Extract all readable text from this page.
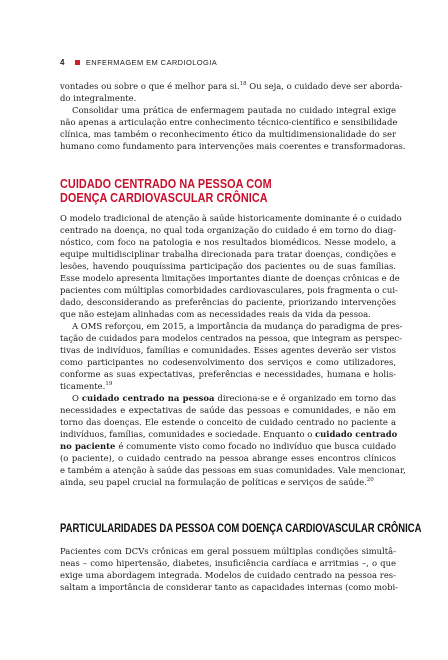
4	ENFERMAGEM EM CARDIOLOGIA
vontades ou sobre o que é melhor para si.$^{18}$ Ou seja, o cuidado deve ser aborda-
do integralmente.
Consolidar uma prática de enfermagem pautada no cuidado integral exige
não apenas a articulação entre conhecimento técnico-científico e sensibilidade
clínica, mas também o reconhecimento ético da multidimensionalidade do ser
humano como fundamento para intervenções mais coerentes e transformadoras.
CUIDADO CENTRADO NA PESSOA COM
DOENÇA CARDIOVASCULAR CRÔNICA
O modelo tradicional de atenção à saúde historicamente dominante é o cuidado
centrado na doença, no qual toda organização do cuidado é em torno do diag-
nóstico, com foco na patologia e nos resultados biomédicos. Nesse modelo, a
equipe multidisciplinar trabalha direcionada para tratar doenças, condições e
lesões, havendo pouquíssima participação dos pacientes ou de suas famílias.
Esse modelo apresenta limitações importantes diante de doenças crônicas e de
pacientes com múltiplas comorbidades cardiovasculares, pois fragmenta o cui-
dado, desconsiderando as preferências do paciente, priorizando intervenções
que não estejam alinhadas com as necessidades reais da vida da pessoa.
A OMS reforçou, em 2015, a importância da mudança do paradigma de pres-
tação de cuidados para modelos centrados na pessoa, que integram as perspec-
tivas de indivíduos, famílias e comunidades. Esses agentes deverão ser vistos
como participantes no codesenvolvimento dos serviços e como utilizadores,
conforme as suas expectativas, preferências e necessidades, humana e holis-
ticamente.$^{19}$
O cuidado centrado na pessoa direciona-se e é organizado em torno das
necessidades e expectativas de saúde das pessoas e comunidades, e não em
torno das doenças. Ele estende o conceito de cuidado centrado no paciente a
indivíduos, famílias, comunidades e sociedade. Enquanto o cuidado centrado
no paciente é comumente visto como focado no indivíduo que busca cuidado
(o paciente), o cuidado centrado na pessoa abrange esses encontros clínicos
e também a atenção à saúde das pessoas em suas comunidades. Vale mencionar,
ainda, seu papel crucial na formulação de políticas e serviços de saúde.$^{20}$
PARTICULARIDADES DA PESSOA COM DOENÇA CARDIOVASCULAR CRÔNICA
Pacientes com DCVs crônicas em geral possuem múltiplas condições simultâ-
neas – como hipertensão, diabetes, insuficiência cardíaca e arritmias –, o que
exige uma abordagem integrada. Modelos de cuidado centrado na pessoa res-
saltam a importância de considerar tanto as capacidades internas (como mobi-
